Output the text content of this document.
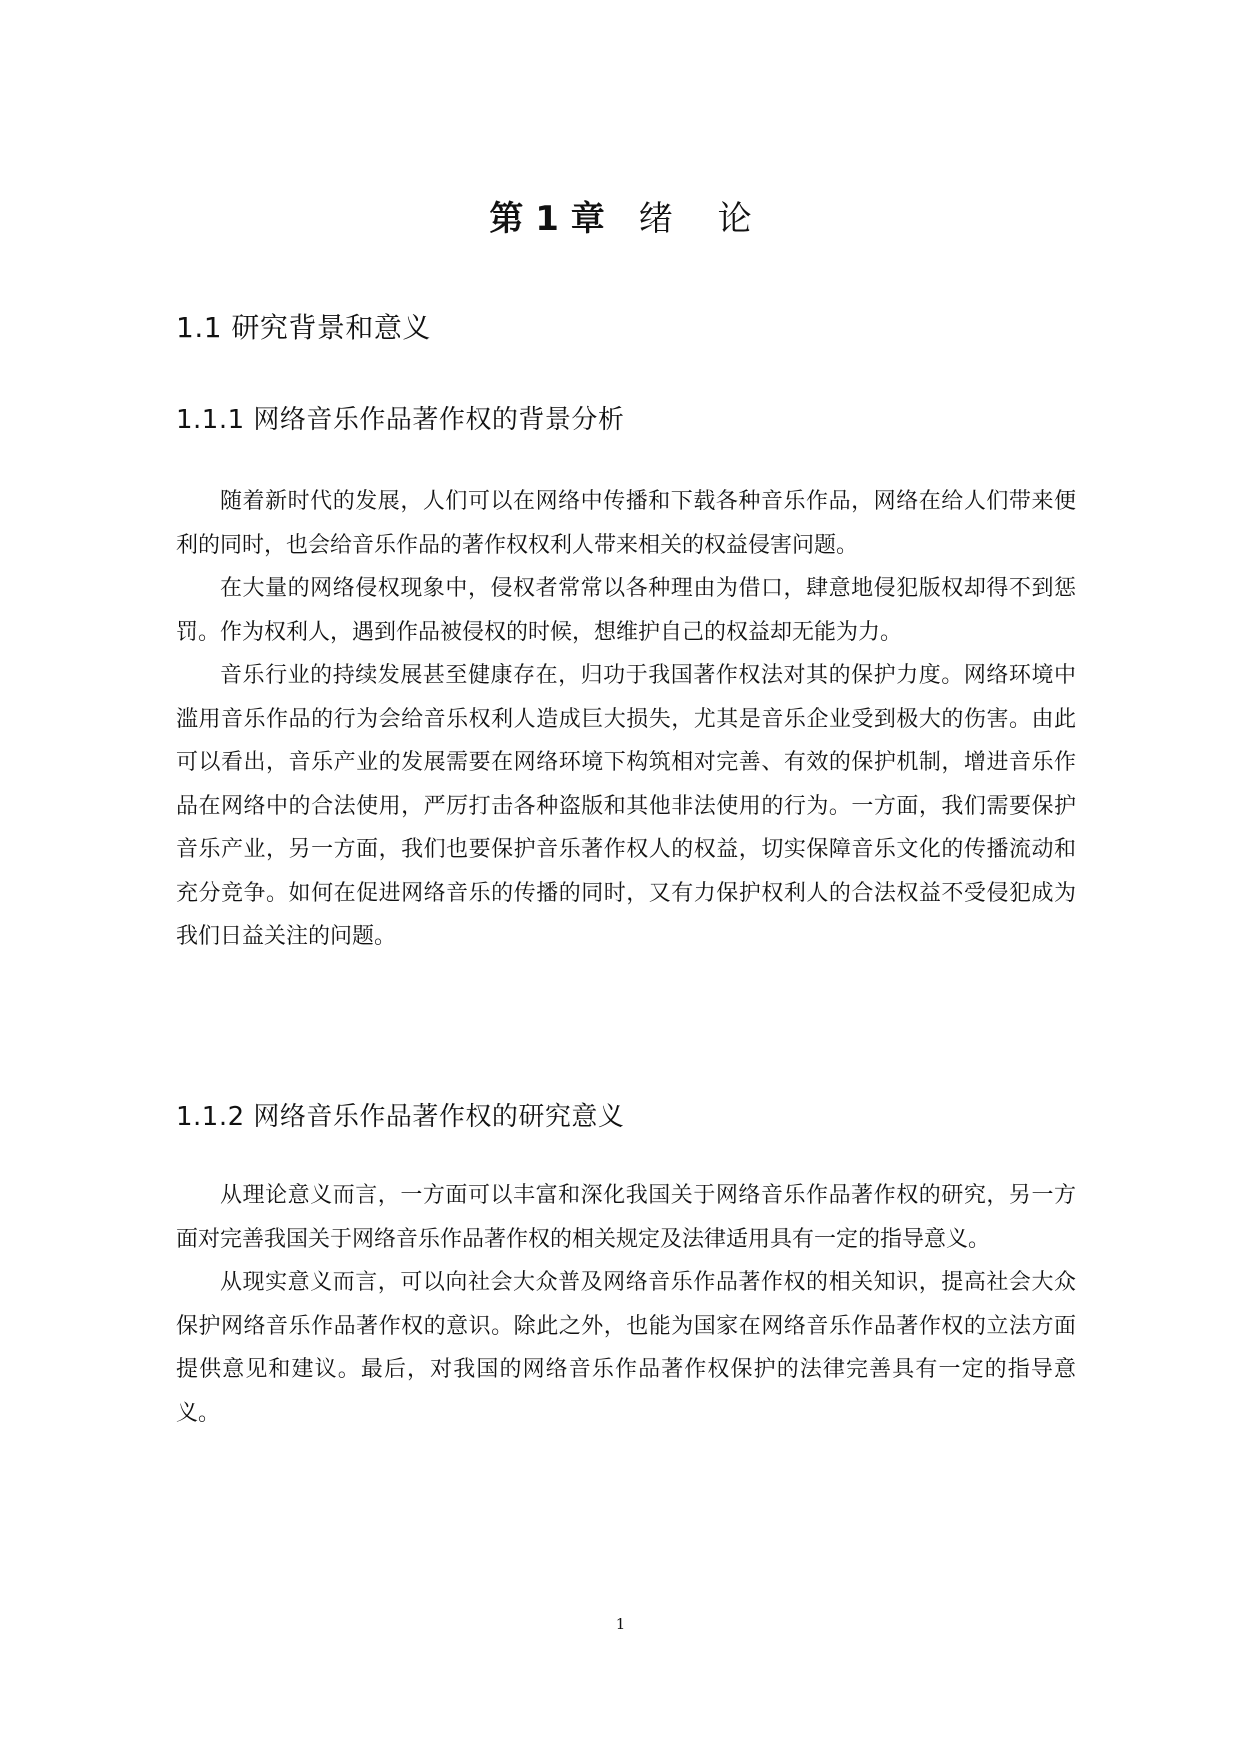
第 1 章 绪　 论
1.1 研究背景和意义
1.1.1 网络音乐作品著作权的背景分析

随着新时代的发展，人们可以在网络中传播和下载各种音乐作品，网络在给人们带来便利的同时，也会给音乐作品的著作权权利人带来相关的权益侵害问题。

在大量的网络侵权现象中，侵权者常常以各种理由为借口，肆意地侵犯版权却得不到惩罚。作为权利人，遇到作品被侵权的时候，想维护自己的权益却无能为力。

音乐行业的持续发展甚至健康存在，归功于我国著作权法对其的保护力度。网络环境中滥用音乐作品的行为会给音乐权利人造成巨大损失，尤其是音乐企业受到极大的伤害。由此可以看出，音乐产业的发展需要在网络环境下构筑相对完善、有效的保护机制，增进音乐作品在网络中的合法使用，严厉打击各种盗版和其他非法使用的行为。一方面，我们需要保护音乐产业，另一方面，我们也要保护音乐著作权人的权益，切实保障音乐文化的传播流动和充分竞争。如何在促进网络音乐的传播的同时，又有力保护权利人的合法权益不受侵犯成为我们日益关注的问题。

1.1.2 网络音乐作品著作权的研究意义

从理论意义而言，一方面可以丰富和深化我国关于网络音乐作品著作权的研究，另一方面对完善我国关于网络音乐作品著作权的相关规定及法律适用具有一定的指导意义。

从现实意义而言，可以向社会大众普及网络音乐作品著作权的相关知识，提高社会大众保护网络音乐作品著作权的意识。除此之外，也能为国家在网络音乐作品著作权的立法方面提供意见和建议。最后，对我国的网络音乐作品著作权保护的法律完善具有一定的指导意义。

1
